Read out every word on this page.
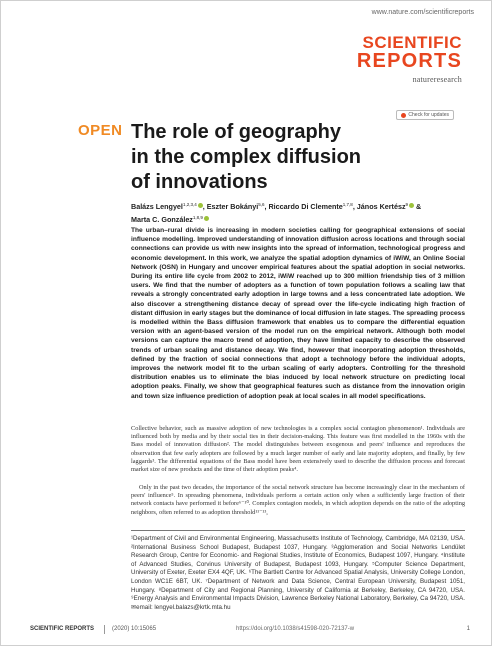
www.nature.com/scientificreports
SCIENTIFIC
REPORTS
natureresearch
Check for updates
OPEN The role of geography
in the complex diffusion
of innovations
Balázs Lengyel$^{1,2,3,4}$ , Eszter Bokányi$^{5,6}$, Riccardo Di Clemente$^{1,7,8}$, János Kertész$^9$ &
Marta C. González$^{1,8,9}$

The urban–rural divide is increasing in modern societies calling for geographical extensions of social influence modelling. Improved understanding of innovation diffusion across locations and through social connections can provide us with new insights into the spread of information, technological progress and economic development. In this work, we analyze the spatial adoption dynamics of iWiW, an Online Social Network (OSN) in Hungary and uncover empirical features about the spatial adoption in social networks. During its entire life cycle from 2002 to 2012, iWiW reached up to 300 million friendship ties of 3 million users. We find that the number of adopters as a function of town population follows a scaling law that reveals a strongly concentrated early adoption in large towns and a less concentrated late adoption. We also discover a strengthening distance decay of spread over the life-cycle indicating high fraction of distant diffusion in early stages but the dominance of local diffusion in late stages. The spreading process is modelled within the Bass diffusion framework that enables us to compare the differential equation version with an agent-based version of the model run on the empirical network. Although both model versions can capture the macro trend of adoption, they have limited capacity to describe the observed trends of urban scaling and distance decay. We find, however that incorporating adoption thresholds, defined by the fraction of social connections that adopt a technology before the individual adopts, improves the network model fit to the urban scaling of early adopters. Controlling for the threshold distribution enables us to eliminate the bias induced by local network structure on predicting local adoption peaks. Finally, we show that geographical features such as distance from the innovation origin and town size influence prediction of adoption peak at local scales in all model specifications.

Collective behavior, such as massive adoption of new technologies is a complex social contagion phenomenon¹. Individuals are influenced both by media and by their social ties in their decision-making. This feature was first modelled in the 1960s with the Bass model of innovation diffusion². The model distinguishes between exogenous and peers' influence and reproduces the observation that few early adopters are followed by a much larger number of early and late majority adopters, and finally, by few laggards³. The differential equations of the Bass model have been extensively used to describe the diffusion process and forecast market size of new products and the time of their adoption peaks⁴.

Only in the past two decades, the importance of the social network structure has become increasingly clear in the mechanism of peers' influence⁵. In spreading phenomena, individuals perform a certain action only when a sufficiently large fraction of their network contacts have performed it before⁶⁻¹⁰. Complex contagion models, in which adoption depends on the ratio of the adopting neighbors, often referred to as adoption threshold¹¹⁻¹³,

¹Department of Civil and Environmental Engineering, Massachusetts Institute of Technology, Cambridge, MA 02139, USA. ²International Business School Budapest, Budapest 1037, Hungary. ³Agglomeration and Social Networks Lendület Research Group, Centre for Economic- and Regional Studies, Institute of Economics, Budapest 1097, Hungary. ⁴Institute of Advanced Studies, Corvinus University of Budapest, Budapest 1093, Hungary. ⁵Computer Science Department, University of Exeter, Exeter EX4 4QF, UK. ⁶The Bartlett Centre for Advanced Spatial Analysis, University College London, London WC1E 6BT, UK. ⁷Department of Network and Data Science, Central European University, Budapest 1051, Hungary. ⁸Department of City and Regional Planning, University of California at Berkeley, Berkeley, CA 94720, USA. ⁹Energy Analysis and Environmental Impacts Division, Lawrence Berkeley National Laboratory, Berkeley, Ca 94720, USA. ✉email: lengyel.balazs@krtk.mta.hu

SCIENTIFIC REPORTS	(2020) 10:15065	https://doi.org/10.1038/s41598-020-72137-w	1
